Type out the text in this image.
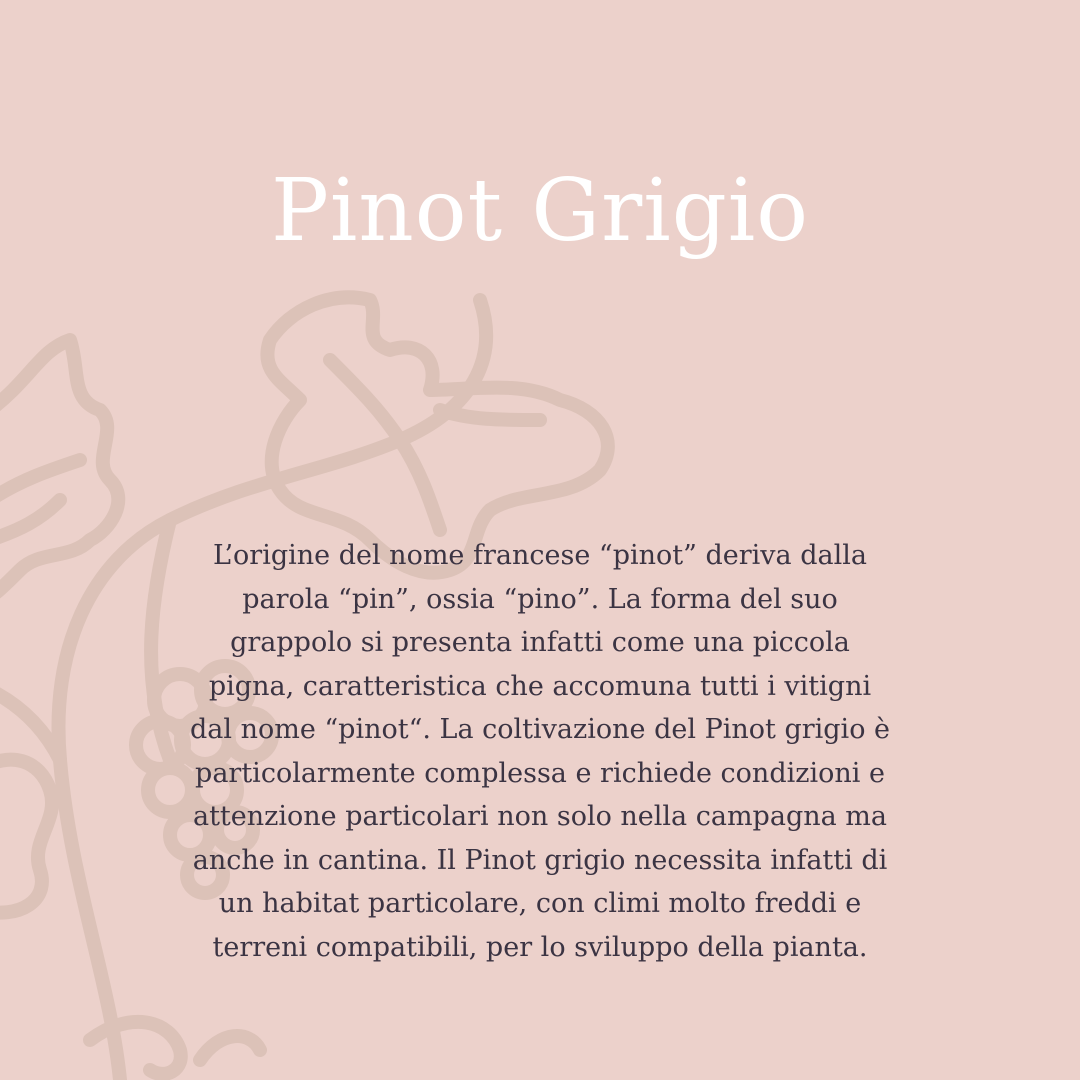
Pinot Grigio
L’origine del nome francese “pinot” deriva dalla
parola “pin”, ossia “pino”. La forma del suo
grappolo si presenta infatti come una piccola
pigna, caratteristica che accomuna tutti i vitigni
dal nome “pinot“. La coltivazione del Pinot grigio è
particolarmente complessa e richiede condizioni e
attenzione particolari non solo nella campagna ma
anche in cantina. Il Pinot grigio necessita infatti di
un habitat particolare, con climi molto freddi e
terreni compatibili, per lo sviluppo della pianta.
